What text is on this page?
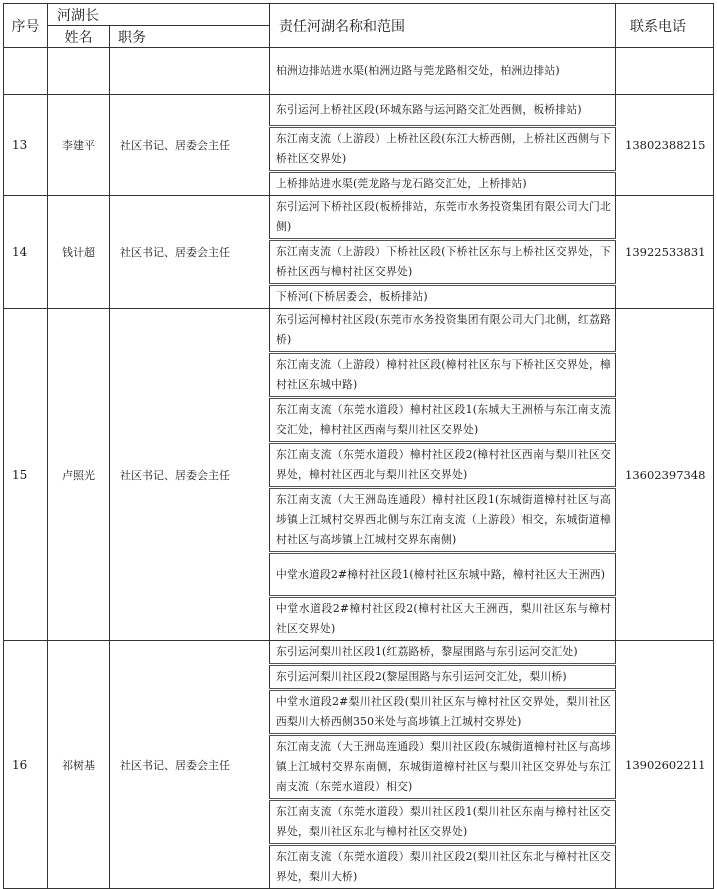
序号	河湖长		责任河湖名称和范围	联系电话
	姓名	职务		
			柏洲边排站进水渠(柏洲边路与莞龙路相交处，柏洲边排站)	
13	李建平	社区书记、居委会主任	东引运河上桥社区段(环城东路与运河路交汇处西侧，板桥排站)	13802388215
			东江南支流（上游段）上桥社区段(东江大桥西侧，上桥社区西侧与下桥社区交界处)	
			上桥排站进水渠(莞龙路与龙石路交汇处，上桥排站)	
14	钱计超	社区书记、居委会主任	东引运河下桥社区段(板桥排站，东莞市水务投资集团有限公司大门北侧)	13922533831
			东江南支流（上游段）下桥社区段(下桥社区东与上桥社区交界处，下桥社区西与樟村社区交界处)	
			下桥河(下桥居委会，板桥排站)	
15	卢照光	社区书记、居委会主任	东引运河樟村社区段(东莞市水务投资集团有限公司大门北侧，红荔路桥)	13602397348
			东江南支流（上游段）樟村社区段(樟村社区东与下桥社区交界处，樟村社区东城中路)	
			东江南支流（东莞水道段）樟村社区段1(东城大王洲桥与东江南支流交汇处，樟村社区西南与梨川社区交界处)	
			东江南支流（东莞水道段）樟村社区段2(樟村社区西南与梨川社区交界处，樟村社区西北与梨川社区交界处)	
			东江南支流（大王洲岛连通段）樟村社区段1(东城街道樟村社区与高埗镇上江城村交界西北侧与东江南支流（上游段）相交，东城街道樟村社区与高埗镇上江城村交界东南侧)	
			中堂水道段2#樟村社区段1(樟村社区东城中路，樟村社区大王洲西)	
			中堂水道段2#樟村社区段2(樟村社区大王洲西，梨川社区东与樟村社区交界处)	
16	祁树基	社区书记、居委会主任	东引运河梨川社区段1(红荔路桥，黎屋围路与东引运河交汇处)	13902602211
			东引运河梨川社区段2(黎屋围路与东引运河交汇处，梨川桥)	
			中堂水道段2#梨川社区段(梨川社区东与樟村社区交界处，梨川社区西梨川大桥西侧350米处与高埗镇上江城村交界处)	
			东江南支流（大王洲岛连通段）梨川社区段(东城街道樟村社区与高埗镇上江城村交界东南侧，东城街道樟村社区与梨川社区交界处与东江南支流（东莞水道段）相交)	
			东江南支流（东莞水道段）梨川社区段1(梨川社区东南与樟村社区交界处，梨川社区东北与樟村社区交界处)	
			东江南支流（东莞水道段）梨川社区段2(梨川社区东北与樟村社区交界处，梨川大桥)	
